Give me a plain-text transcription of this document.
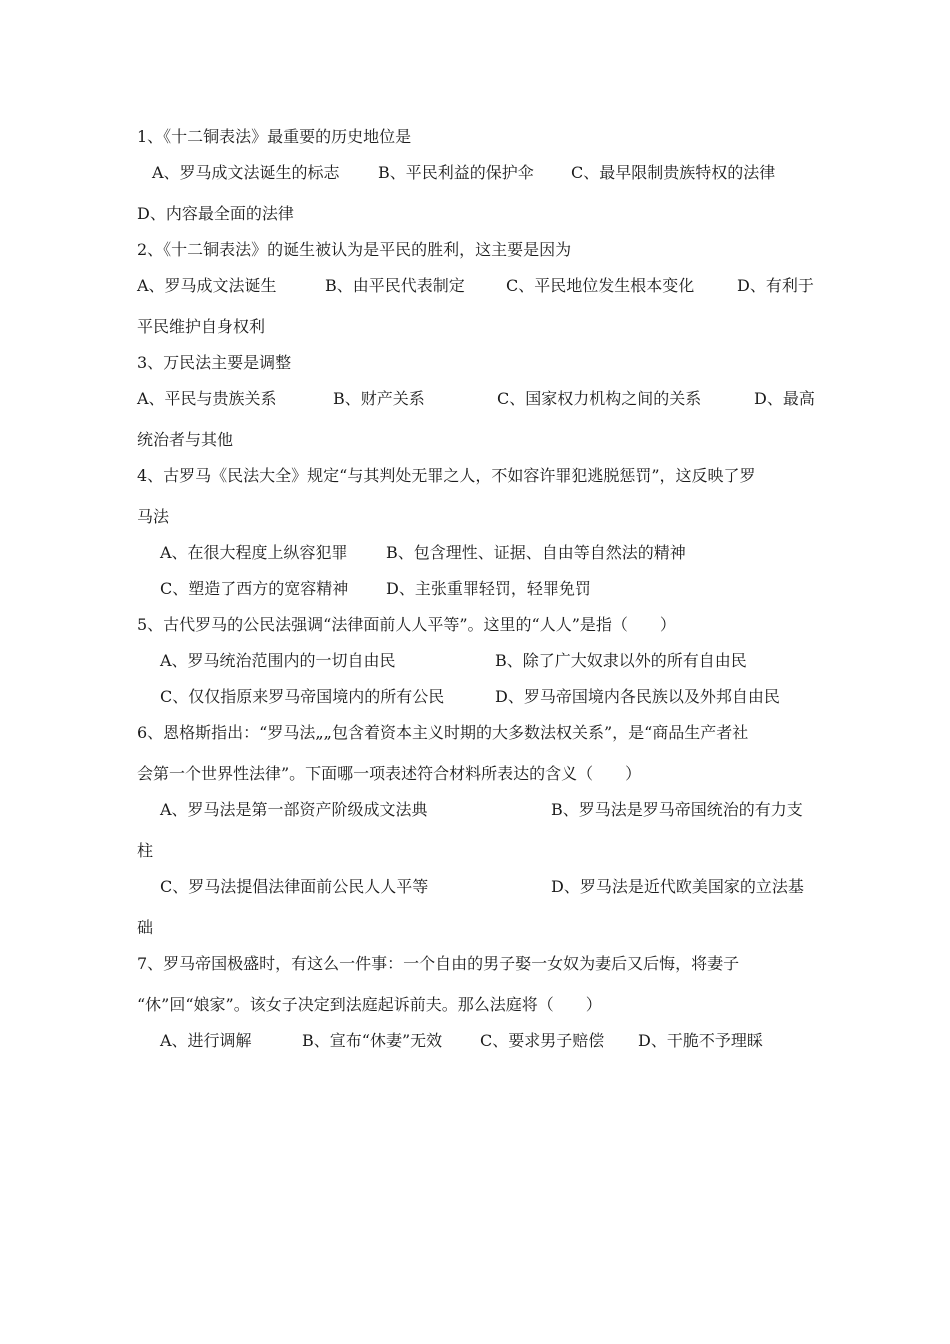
1、《十二铜表法》最重要的历史地位是
A、罗马成文法诞生的标志 B、平民利益的保护伞 C、最早限制贵族特权的法律
D、内容最全面的法律
2、《十二铜表法》的诞生被认为是平民的胜利，这主要是因为
A、罗马成文法诞生	B、由平民代表制定	C、平民地位发生根本变化	D、有利于
平民维护自身权利
3、万民法主要是调整
A、平民与贵族关系	B、财产关系	C、国家权力机构之间的关系	D、最高
统治者与其他
4、古罗马《民法大全》规定“与其判处无罪之人，不如容许罪犯逃脱惩罚”，这反映了罗
马法
A、在很大程度上纵容犯罪 B、包含理性、证据、自由等自然法的精神
C、塑造了西方的宽容精神 D、主张重罪轻罚，轻罪免罚
5、古代罗马的公民法强调“法律面前人人平等”。这里的“人人”是指（　　）
A、罗马统治范围内的一切自由民	B、除了广大奴隶以外的所有自由民
C、仅仅指原来罗马帝国境内的所有公民	D、罗马帝国境内各民族以及外邦自由民
6、恩格斯指出：“罗马法„„包含着资本主义时期的大多数法权关系”，是“商品生产者社
会第一个世界性法律”。下面哪一项表述符合材料所表达的含义（　　）
A、罗马法是第一部资产阶级成文法典	B、罗马法是罗马帝国统治的有力支
柱
C、罗马法提倡法律面前公民人人平等	D、罗马法是近代欧美国家的立法基
础
7、罗马帝国极盛时，有这么一件事：一个自由的男子娶一女奴为妻后又后悔，将妻子
“休”回“娘家”。该女子决定到法庭起诉前夫。那么法庭将（　　）
A、进行调解	B、宣布“休妻”无效 C、要求男子赔偿 D、干脆不予理睬
